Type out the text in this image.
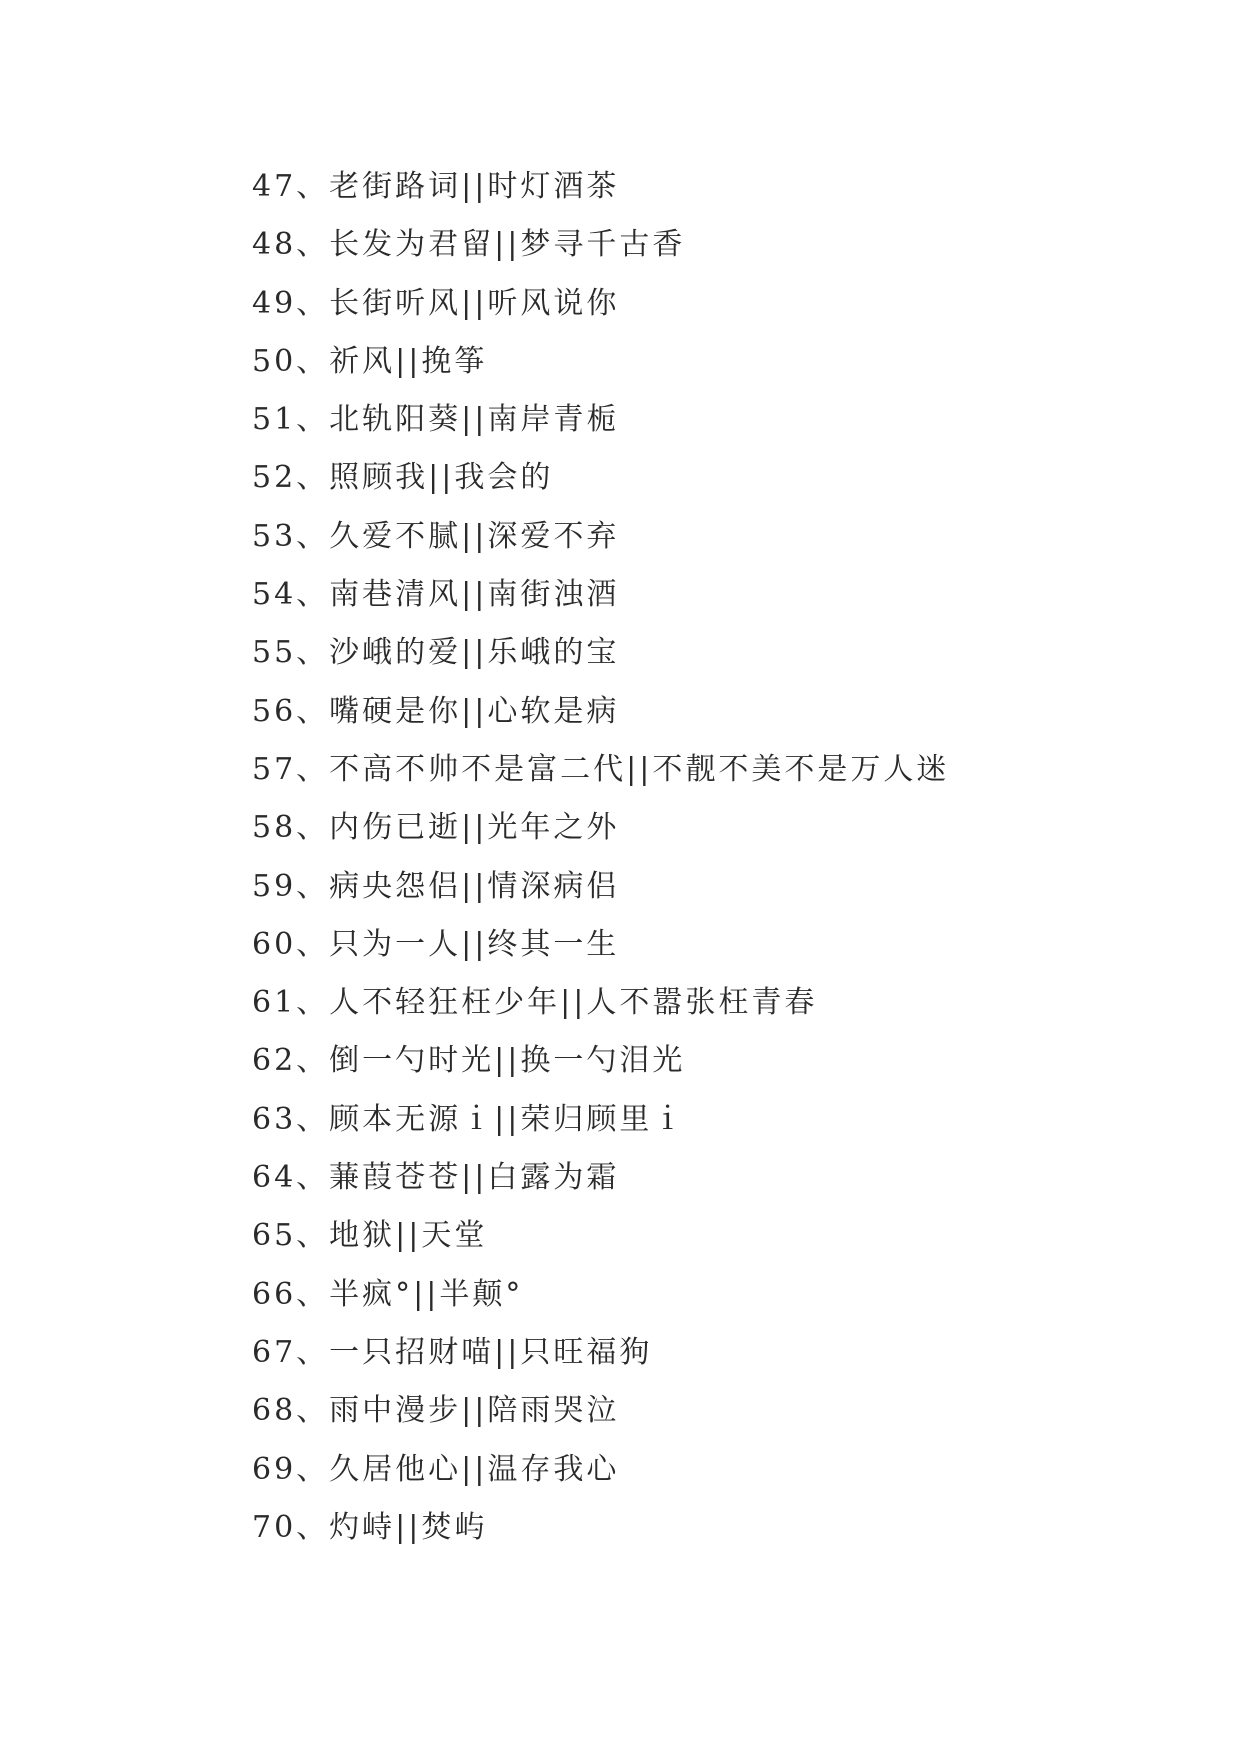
47、老街路词||时灯酒茶
48、长发为君留||梦寻千古香
49、长街听风||听风说你
50、祈风||挽筝
51、北轨阳葵||南岸青栀
52、照顾我||我会的
53、久爱不腻||深爱不弃
54、南巷清风||南街浊酒
55、沙峨的爱||乐峨的宝
56、嘴硬是你||心软是病
57、不高不帅不是富二代||不靓不美不是万人迷
58、内伤已逝||光年之外
59、病央怨侣||情深病侣
60、只为一人||终其一生
61、人不轻狂枉少年||人不嚣张枉青春
62、倒一勺时光||换一勺泪光
63、顾本无源ｉ||荣归顾里ｉ
64、蒹葭苍苍||白露为霜
65、地狱||天堂
66、半疯°||半颠°
67、一只招财喵||只旺福狗
68、雨中漫步||陪雨哭泣
69、久居他心||温存我心
70、灼峙||焚屿
